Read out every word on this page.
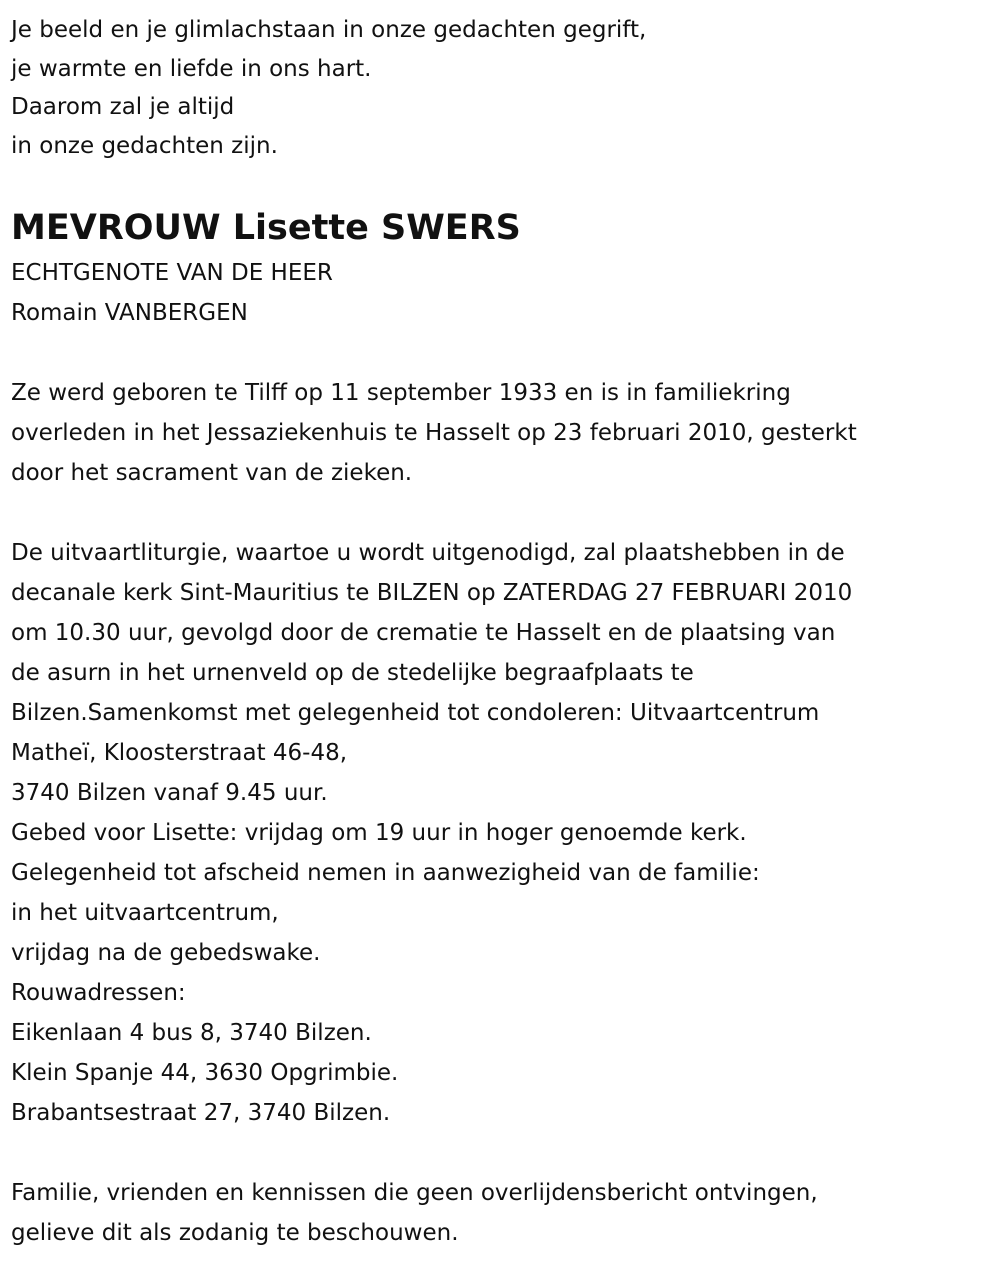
Je beeld en je glimlachstaan in onze gedachten gegrift,
je warmte en liefde in ons hart.
Daarom zal je altijd
in onze gedachten zijn.
MEVROUW Lisette SWERS
ECHTGENOTE VAN DE HEER
Romain VANBERGEN
Ze werd geboren te Tilff op 11 september 1933 en is in familiekring
overleden in het Jessaziekenhuis te Hasselt op 23 februari 2010, gesterkt
door het sacrament van de zieken.
De uitvaartliturgie, waartoe u wordt uitgenodigd, zal plaatshebben in de
decanale kerk Sint-Mauritius te BILZEN op ZATERDAG 27 FEBRUARI 2010
om 10.30 uur, gevolgd door de crematie te Hasselt en de plaatsing van
de asurn in het urnenveld op de stedelijke begraafplaats te
Bilzen.Samenkomst met gelegenheid tot condoleren: Uitvaartcentrum
Matheï, Kloosterstraat 46-48,
3740 Bilzen vanaf 9.45 uur.
Gebed voor Lisette: vrijdag om 19 uur in hoger genoemde kerk.
Gelegenheid tot afscheid nemen in aanwezigheid van de familie:
in het uitvaartcentrum,
vrijdag na de gebedswake.
Rouwadressen:
Eikenlaan 4 bus 8, 3740 Bilzen.
Klein Spanje 44, 3630 Opgrimbie.
Brabantsestraat 27, 3740 Bilzen.
Familie, vrienden en kennissen die geen overlijdensbericht ontvingen,
gelieve dit als zodanig te beschouwen.
